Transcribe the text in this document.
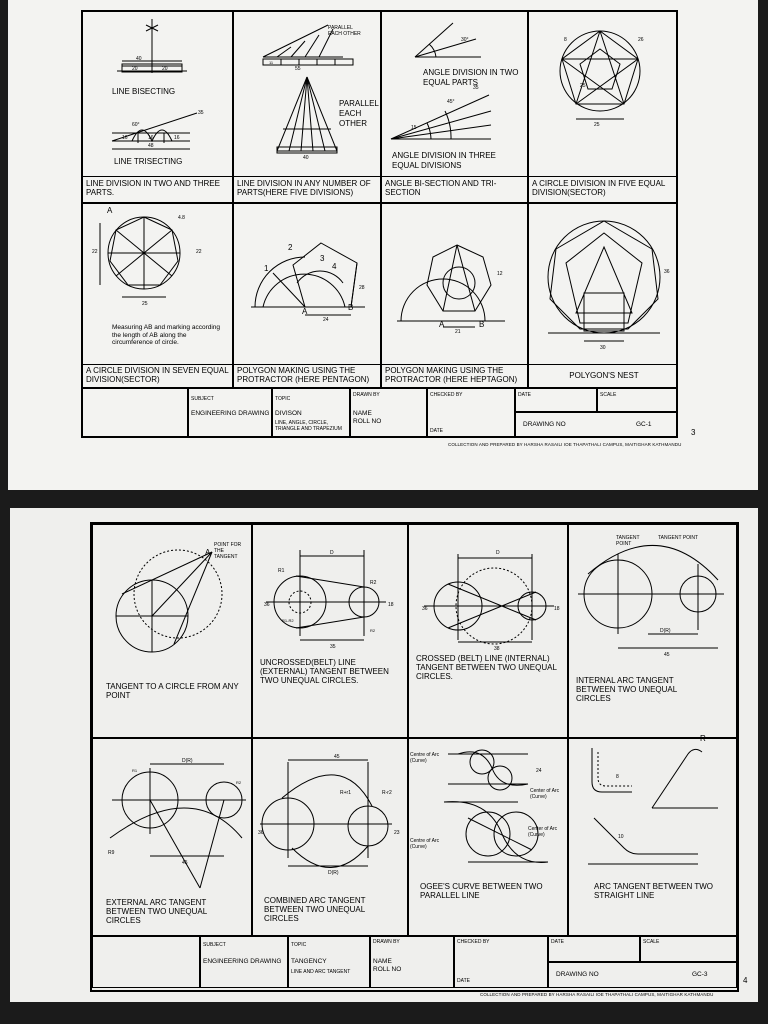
LINE DIVISION IN TWO AND THREE PARTS.
LINE DIVISION IN ANY NUMBER OF PARTS(HERE FIVE DIVISIONS)
ANGLE BI-SECTION AND TRI-SECTION
A CIRCLE DIVISION IN FIVE EQUAL DIVISION(SECTOR)
A CIRCLE DIVISION IN SEVEN EQUAL DIVISION(SECTOR)
POLYGON MAKING USING THE PROTRACTOR (HERE PENTAGON)
POLYGON MAKING USING THE PROTRACTOR (HERE HEPTAGON)	POLYGON'S NEST
40
20	20
16	16	16
48
35
60°
LINE BISECTING
LINE TRISECTING
55
11
40
PARALLEL EACH OTHER
PARALLEL EACH OTHER
35
45°
30°
15
ANGLE DIVISION IN TWO EQUAL PARTS
ANGLE DIVISION IN THREE EQUAL DIVISIONS
25
26
25
8
25
4.8
22	22
A
Measuring AB and marking according the length of AB along the circumference of circle.
24
28
1
2
3
4
A	B
21
12
A	B
30
36
SUBJECT
ENGINEERING DRAWING
TOPIC
DIVISON
LINE, ANGLE, CIRCLE, TRIANGLE AND TRAPEZIUM
DRAWN BY
NAME
ROLL NO
CHECKED BY
DATE
DATE	SCALE
DRAWING NO	GC-1
COLLECTION AND PREPARED BY HARSHA RASAILI IOE THAPATHALI CAMPUS, MAITIGHAR KATHMANDU
3
TANGENT TO A CIRCLE FROM ANY POINT
UNCROSSED(BELT) LINE (EXTERNAL) TANGENT BETWEEN TWO UNEQUAL CIRCLES.
CROSSED (BELT) LINE (INTERNAL) TANGENT BETWEEN TWO UNEQUAL CIRCLES.	INTERNAL ARC TANGENT BETWEEN TWO UNEQUAL CIRCLES
EXTERNAL ARC TANGENT BETWEEN TWO UNEQUAL CIRCLES
COMBINED ARC TANGENT BETWEEN TWO UNEQUAL CIRCLES
OGEE'S CURVE BETWEEN TWO PARALLEL LINE
ARC TANGENT BETWEEN TWO STRAIGHT LINE
A
POINT FOR THE TANGENT
D
R1
R2
36	18
35
R1-R2
R2
D
36	18
38
D(R)
45
TANGENT POINT
TANGENT POINT
D(R)
45
R9
R1
R2
45
D(R)
R+r1	R-r2
36	23
24
Centre of Arc (Curve)
Center of Arc (Curve)
Centre of Arc (Curve)
Center of Arc (Curve)
8
10
R
SUBJECT
ENGINEERING DRAWING
TOPIC
TANGENCY
LINE AND ARC TANGENT
DRAWN BY
NAME
ROLL NO
CHECKED BY
DATE
DATE	SCALE
DRAWING NO	GC-3
COLLECTION AND PREPARED BY HARSHA RASAILI IOE THAPATHALI CAMPUS, MAITIGHAR KATHMANDU
4
